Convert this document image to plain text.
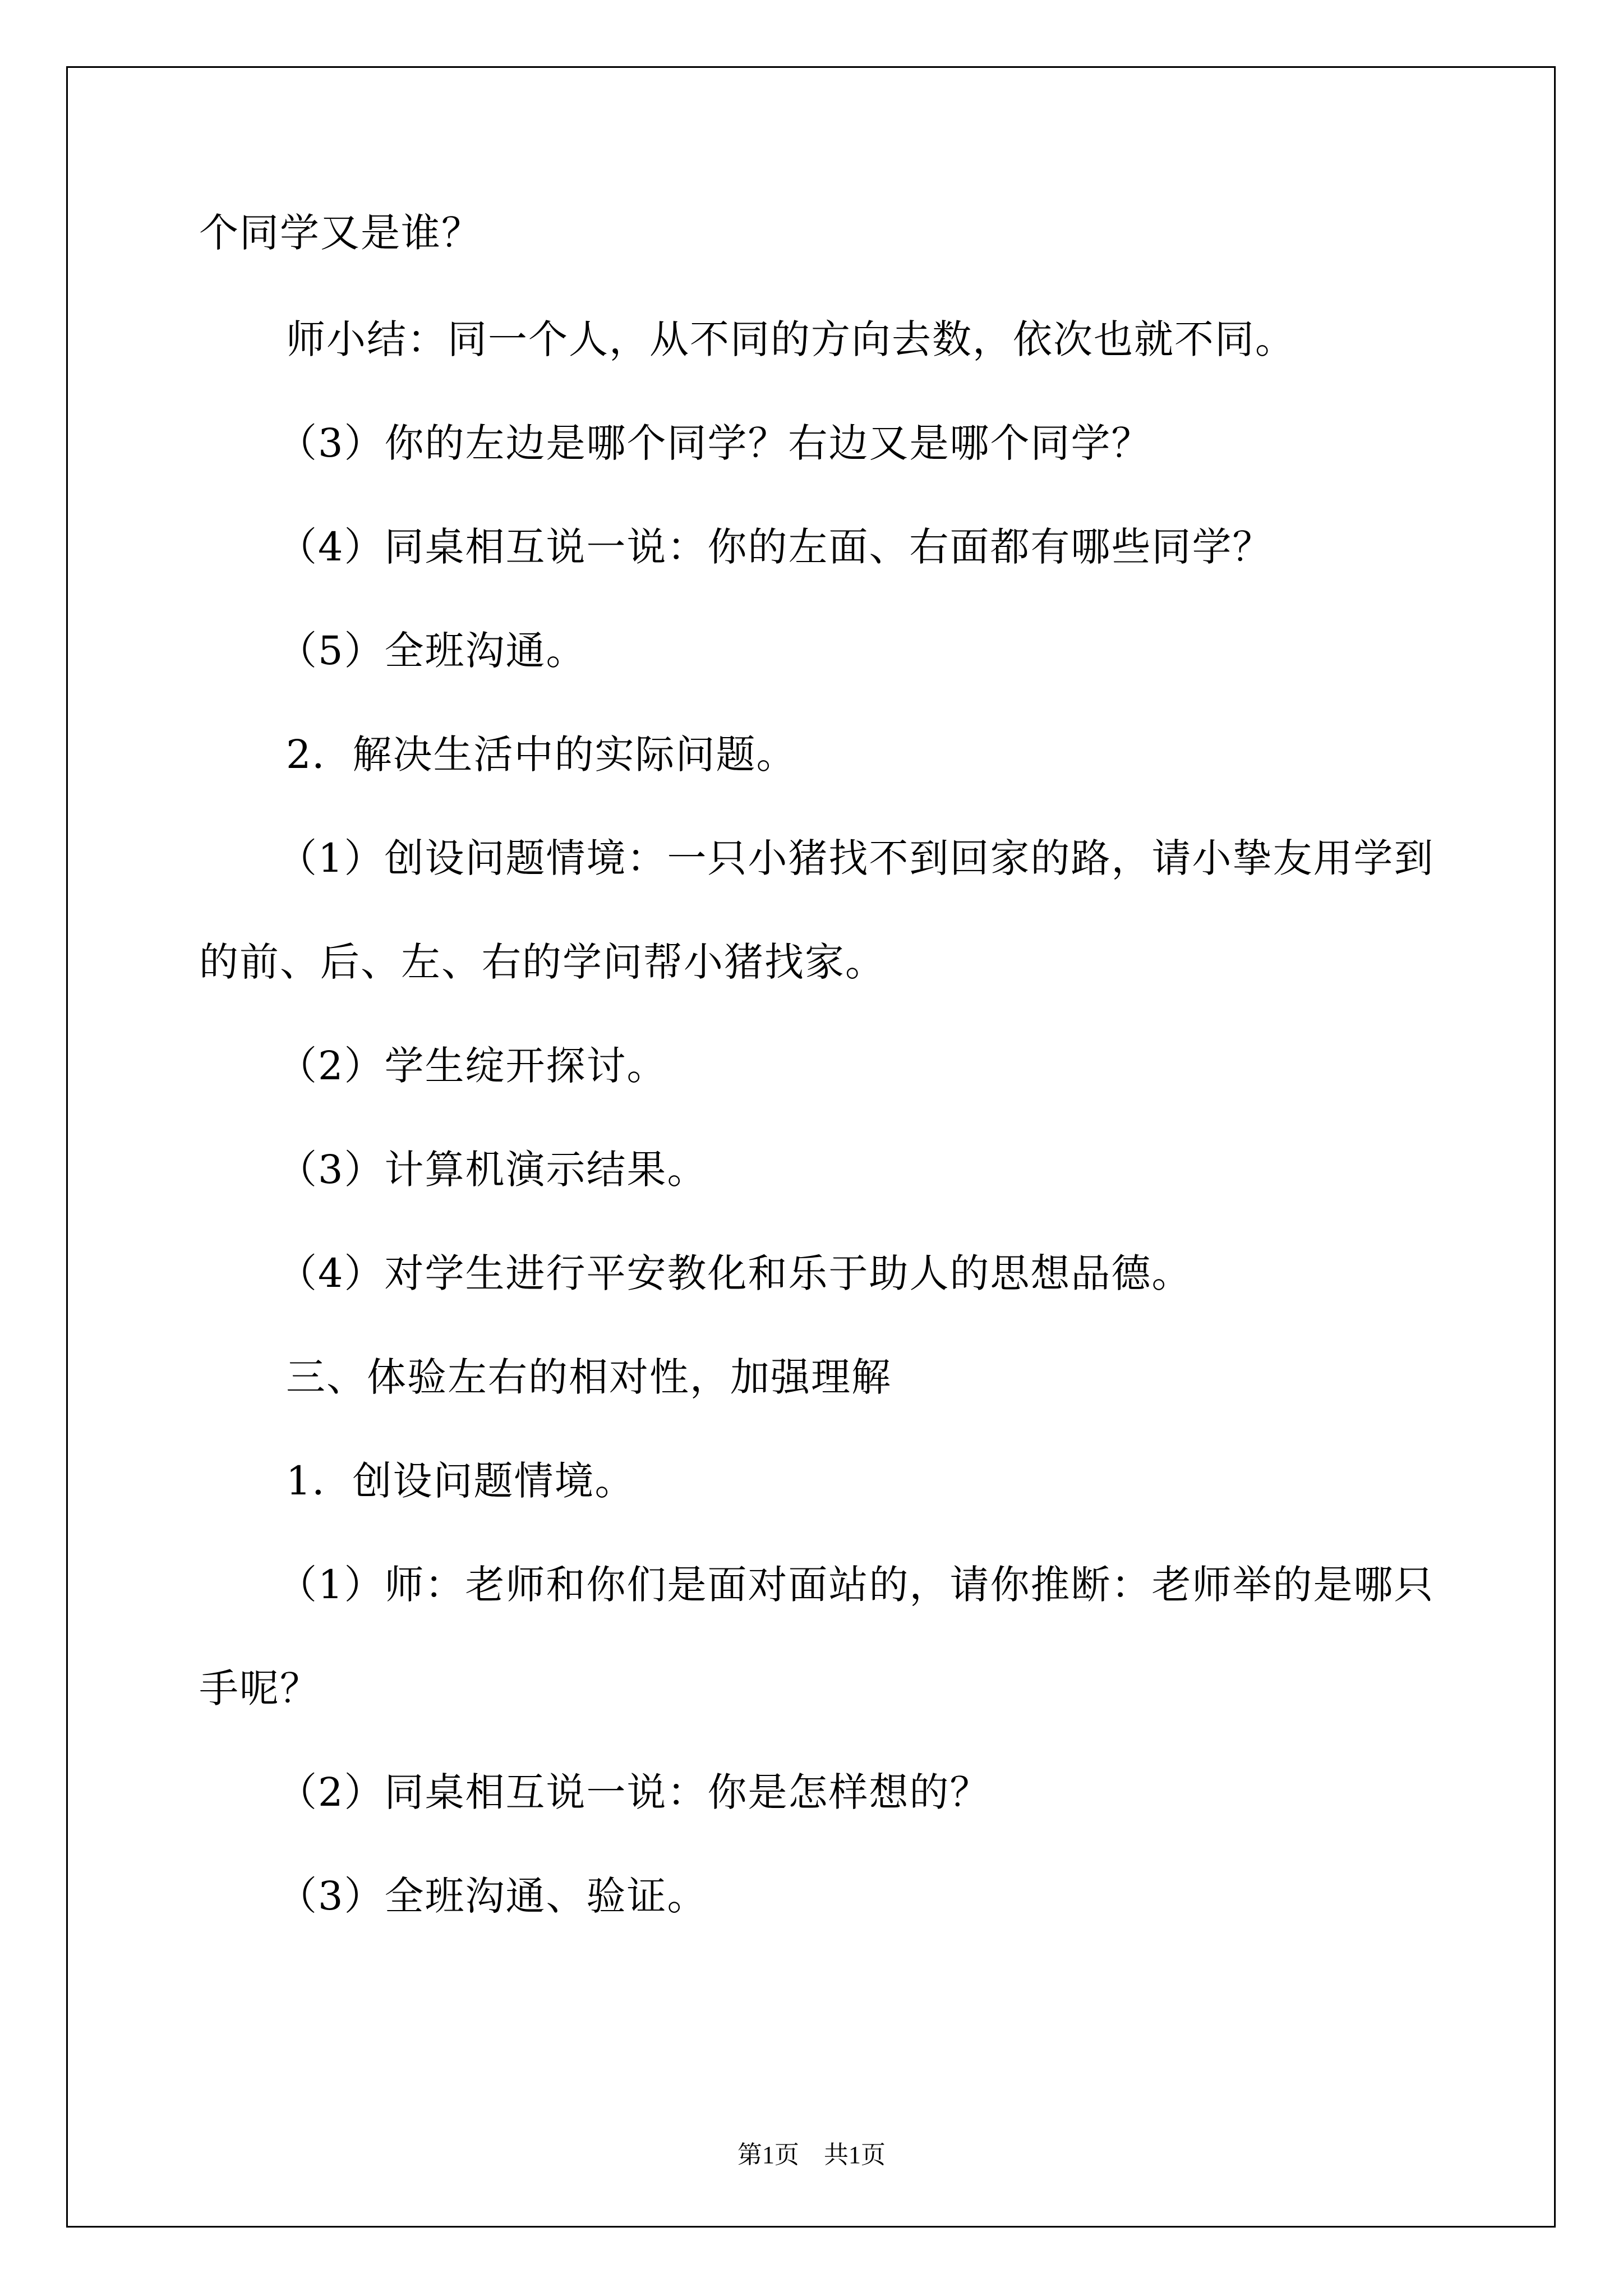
个同学又是谁？
师小结：同一个人，从不同的方向去数，依次也就不同。
（3）你的左边是哪个同学？右边又是哪个同学？
（4）同桌相互说一说：你的左面、右面都有哪些同学？
（5）全班沟通。
2．解决生活中的实际问题。
（1）创设问题情境：一只小猪找不到回家的路，请小挚友用学到
的前、后、左、右的学问帮小猪找家。
（2）学生绽开探讨。
（3）计算机演示结果。
（4）对学生进行平安教化和乐于助人的思想品德。
三、体验左右的相对性，加强理解
1．创设问题情境。
（1）师：老师和你们是面对面站的，请你推断：老师举的是哪只
手呢？
（2）同桌相互说一说：你是怎样想的？
（3）全班沟通、验证。
第1页　共1页
